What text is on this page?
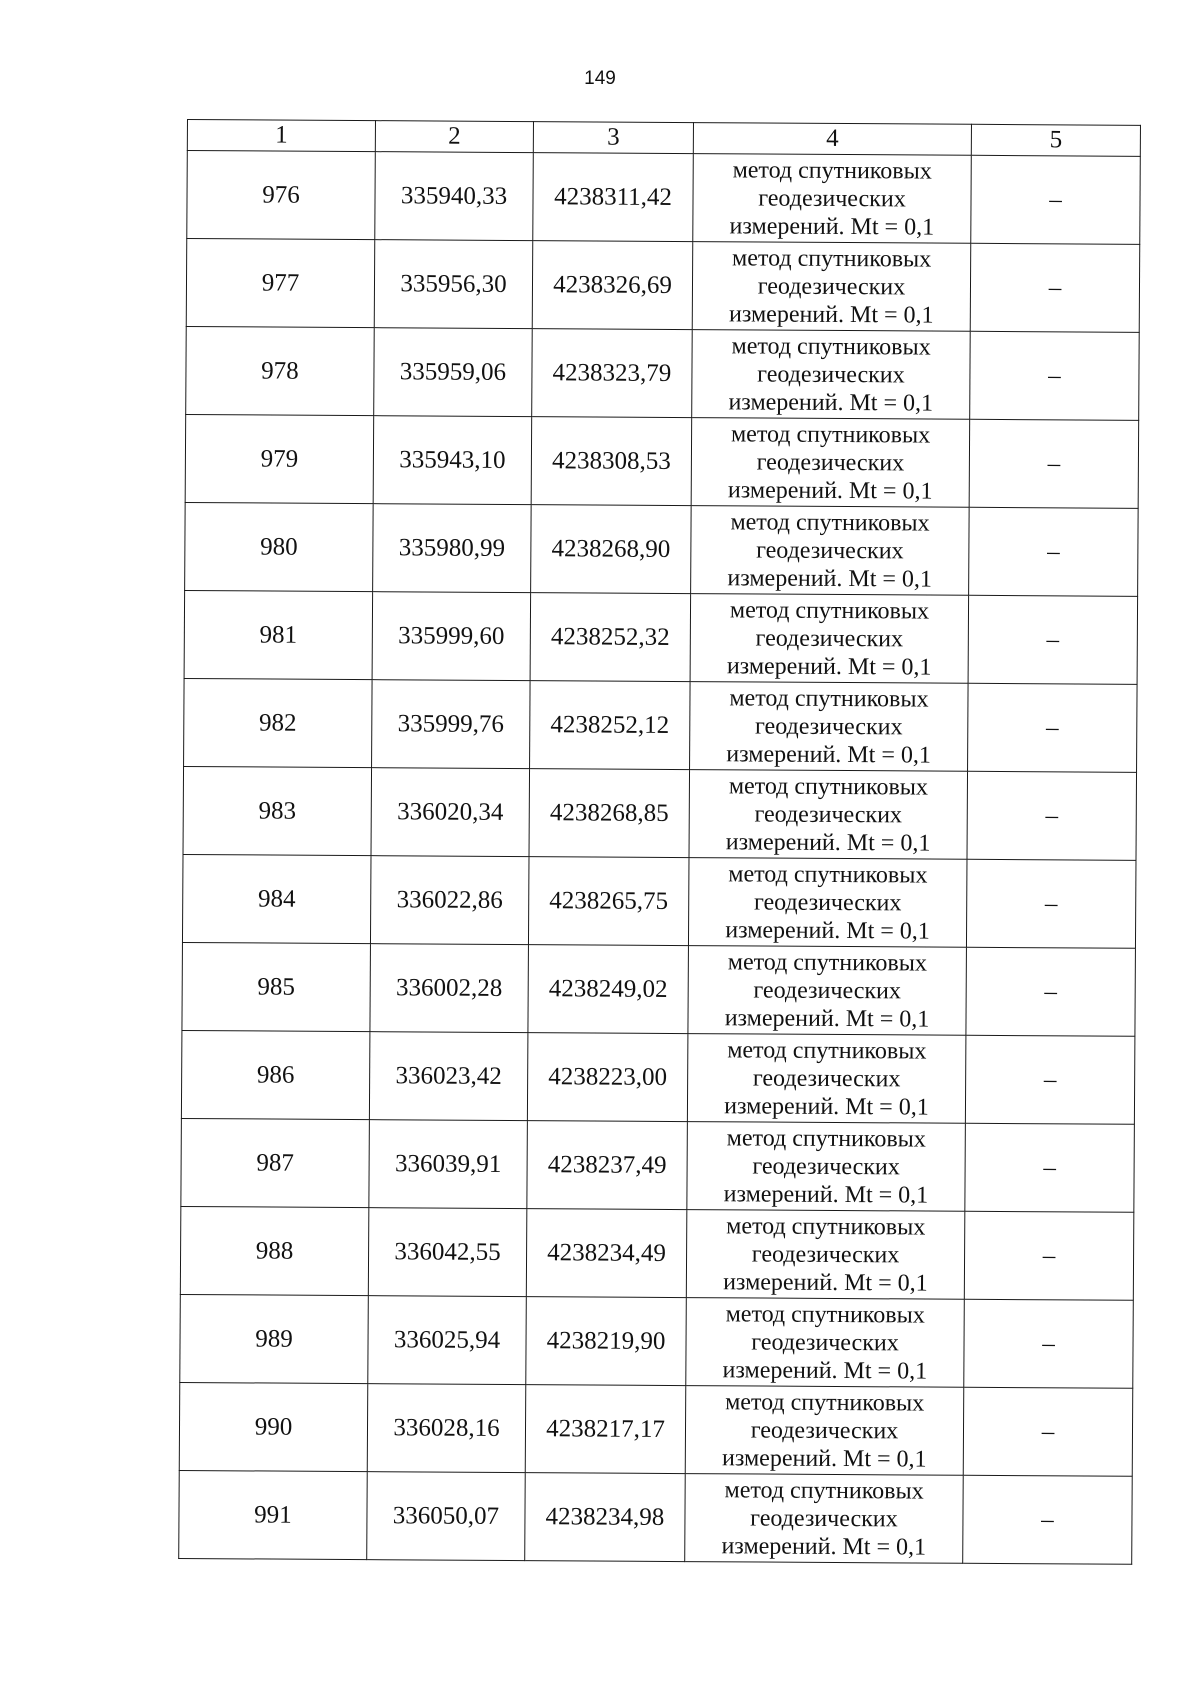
149
1	2	3	4	5
976	335940,33	4238311,42	метод спутниковых
геодезических
измерений. Mt = 0,1	–
977	335956,30	4238326,69	метод спутниковых
геодезических
измерений. Mt = 0,1	–
978	335959,06	4238323,79	метод спутниковых
геодезических
измерений. Mt = 0,1	–
979	335943,10	4238308,53	метод спутниковых
геодезических
измерений. Mt = 0,1	–
980	335980,99	4238268,90	метод спутниковых
геодезических
измерений. Mt = 0,1	–
981	335999,60	4238252,32	метод спутниковых
геодезических
измерений. Mt = 0,1	–
982	335999,76	4238252,12	метод спутниковых
геодезических
измерений. Mt = 0,1	–
983	336020,34	4238268,85	метод спутниковых
геодезических
измерений. Mt = 0,1	–
984	336022,86	4238265,75	метод спутниковых
геодезических
измерений. Mt = 0,1	–
985	336002,28	4238249,02	метод спутниковых
геодезических
измерений. Mt = 0,1	–
986	336023,42	4238223,00	метод спутниковых
геодезических
измерений. Mt = 0,1	–
987	336039,91	4238237,49	метод спутниковых
геодезических
измерений. Mt = 0,1	–
988	336042,55	4238234,49	метод спутниковых
геодезических
измерений. Mt = 0,1	–
989	336025,94	4238219,90	метод спутниковых
геодезических
измерений. Mt = 0,1	–
990	336028,16	4238217,17	метод спутниковых
геодезических
измерений. Mt = 0,1	–
991	336050,07	4238234,98	метод спутниковых
геодезических
измерений. Mt = 0,1	–
